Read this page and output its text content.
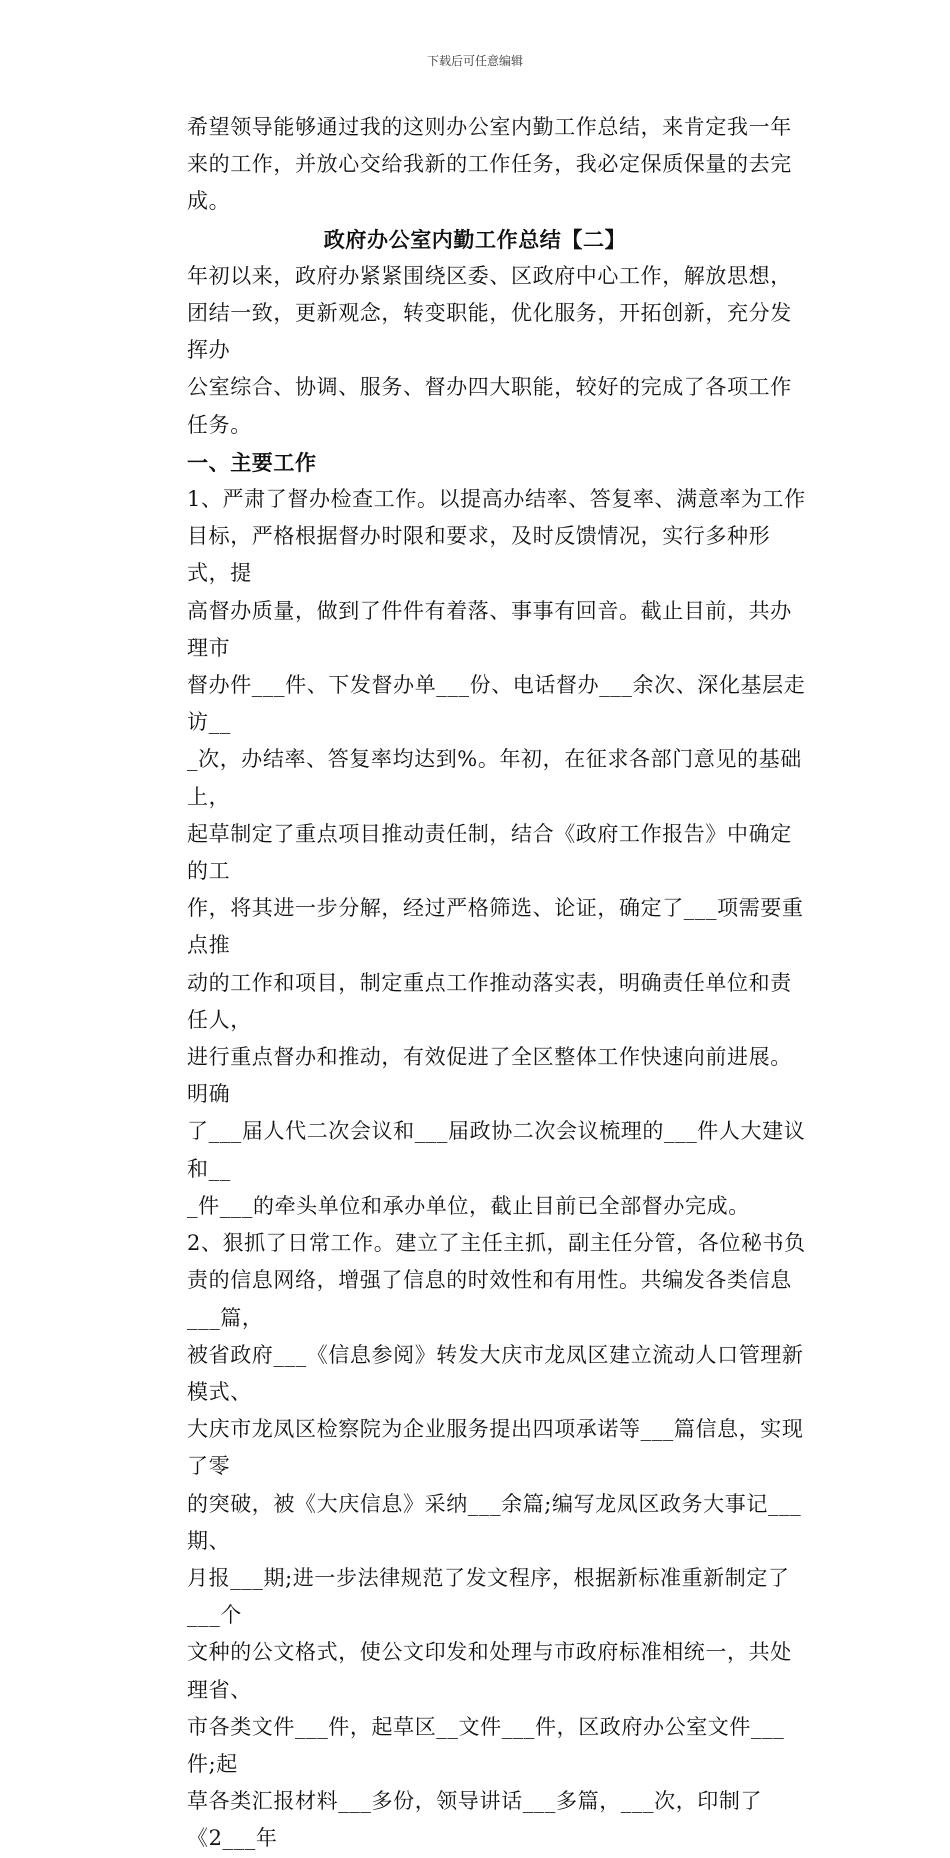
下载后可任意编辑

希望领导能够通过我的这则办公室内勤工作总结，来肯定我一年
来的工作，并放心交给我新的工作任务，我必定保质保量的去完成。

政府办公室内勤工作总结【二】

年初以来，政府办紧紧围绕区委、区政府中心工作，解放思想，
团结一致，更新观念，转变职能，优化服务，开拓创新，充分发挥办
公室综合、协调、服务、督办四大职能，较好的完成了各项工作任务。

一、主要工作

1、严肃了督办检查工作。以提高办结率、答复率、满意率为工作
目标，严格根据督办时限和要求，及时反馈情况，实行多种形式，提
高督办质量，做到了件件有着落、事事有回音。截止目前，共办理市
督办件___件、下发督办单___份、电话督办___余次、深化基层走访__
_次，办结率、答复率均达到%。年初，在征求各部门意见的基础上，
起草制定了重点项目推动责任制，结合《政府工作报告》中确定的工
作，将其进一步分解，经过严格筛选、论证，确定了___项需要重点推
动的工作和项目，制定重点工作推动落实表，明确责任单位和责任人，
进行重点督办和推动，有效促进了全区整体工作快速向前进展。明确
了___届人代二次会议和___届政协二次会议梳理的___件人大建议和__
_件___的牵头单位和承办单位，截止目前已全部督办完成。

2、狠抓了日常工作。建立了主任主抓，副主任分管，各位秘书负
责的信息网络，增强了信息的时效性和有用性。共编发各类信息___篇，
被省政府___《信息参阅》转发大庆市龙凤区建立流动人口管理新模式、
大庆市龙凤区检察院为企业服务提出四项承诺等___篇信息，实现了零
的突破，被《大庆信息》采纳___余篇;编写龙凤区政务大事记___期、
月报___期;进一步法律规范了发文程序，根据新标准重新制定了___个
文种的公文格式，使公文印发和处理与市政府标准相统一，共处理省、
市各类文件___件，起草区__文件___件，区政府办公室文件___件;起
草各类汇报材料___多份，领导讲话___多篇，___次，印制了《2___年
